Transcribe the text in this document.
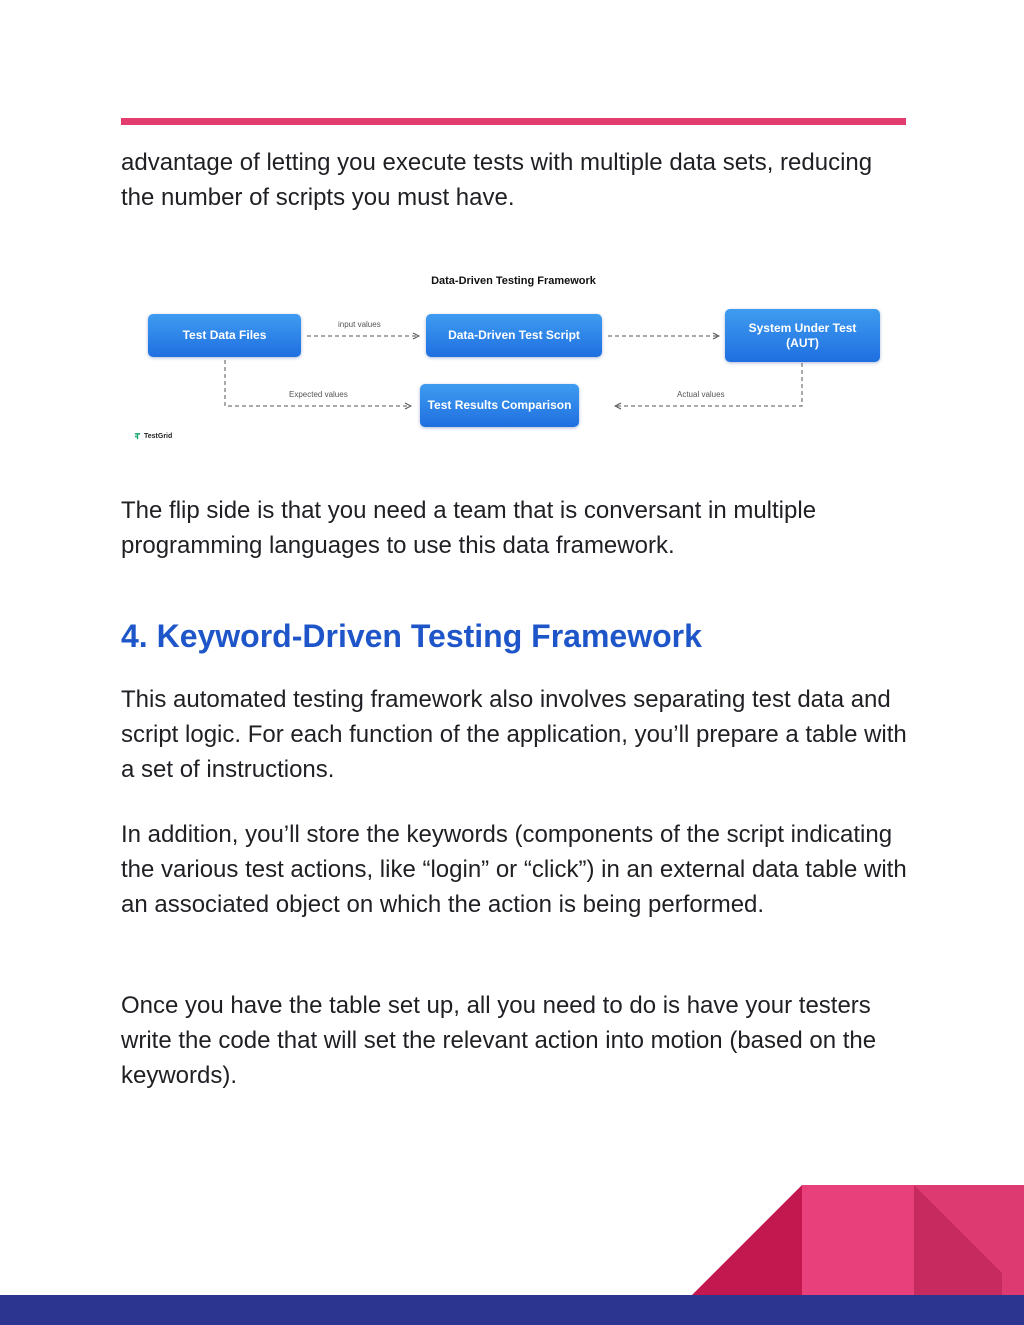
advantage of letting you execute tests with multiple data sets, reducing the number of scripts you must have.

Data-Driven Testing Framework
Test Data Files	Data-Driven Test Script
System Under Test
(AUT)
Test Results Comparison
input values
Expected values	Actual values
TestGrid

The flip side is that you need a team that is conversant in multiple programming languages to use this data framework.

4. Keyword-Driven Testing Framework

This automated testing framework also involves separating test data and script logic. For each function of the application, you’ll prepare a table with a set of instructions.

In addition, you’ll store the keywords (components of the script indicating the various test actions, like “login” or “click”) in an external data table with an associated object on which the action is being performed.

Once you have the table set up, all you need to do is have your testers write the code that will set the relevant action into motion (based on the keywords).
